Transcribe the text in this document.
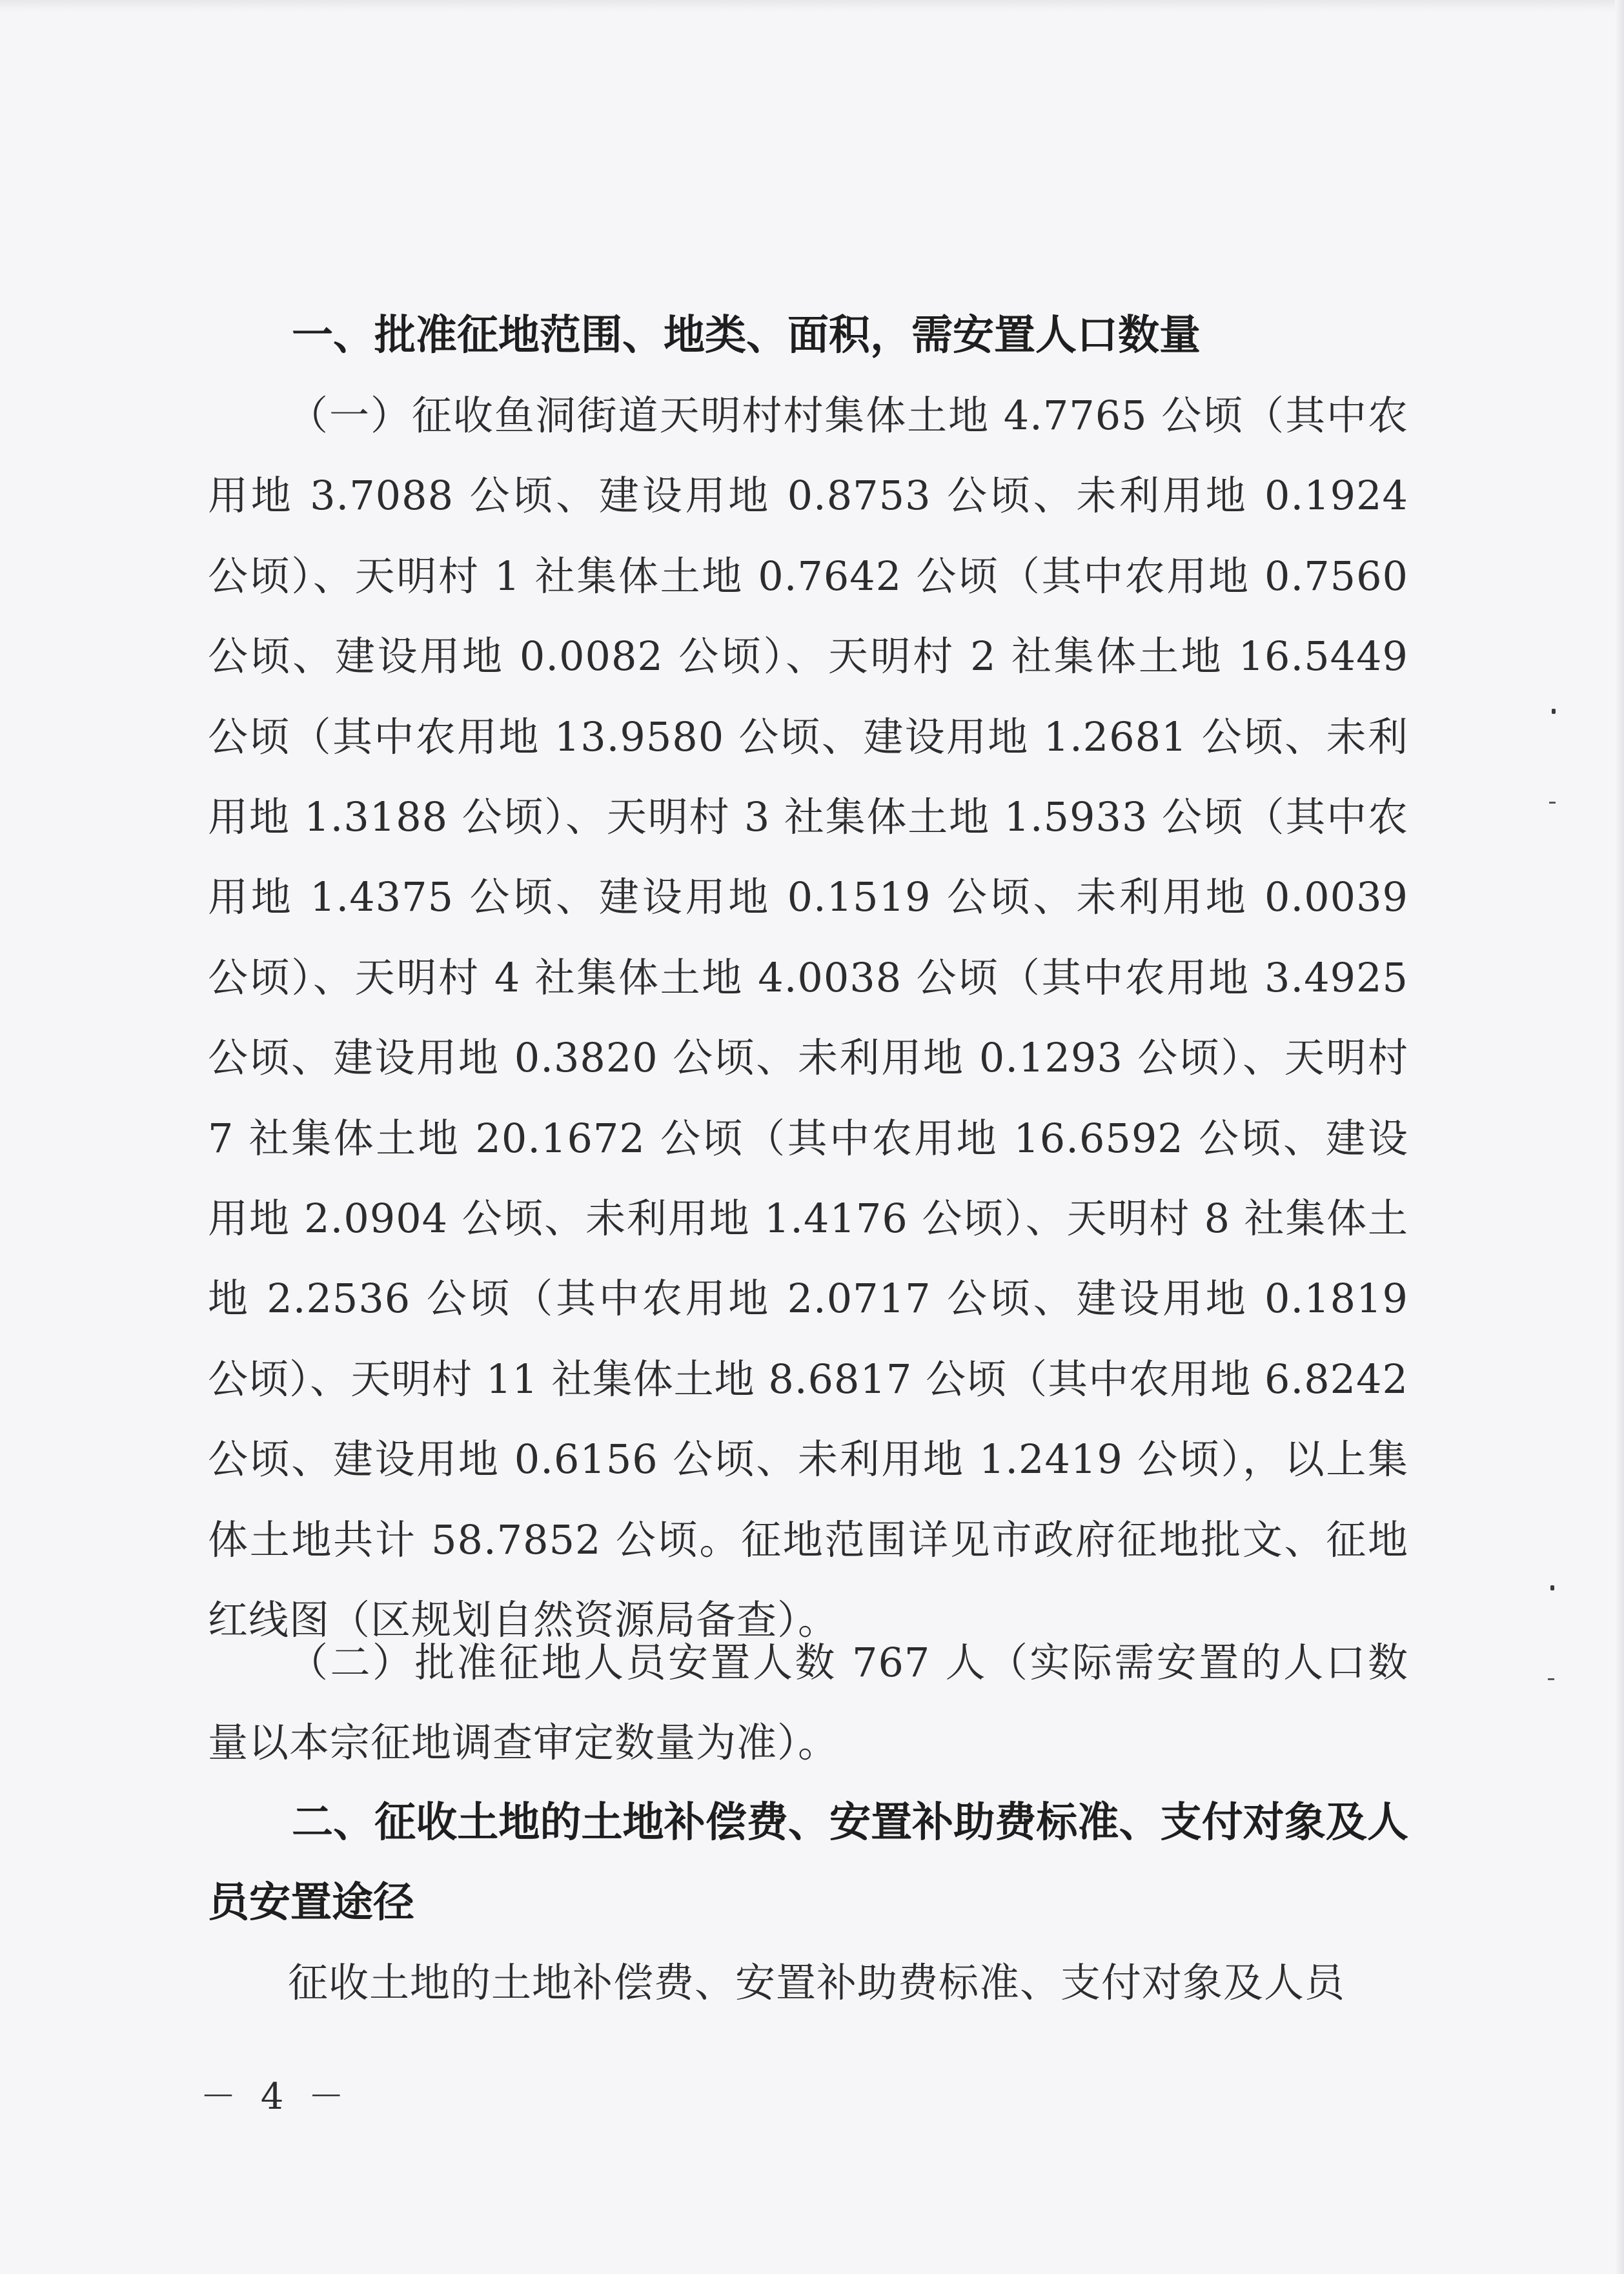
一、批准征地范围、地类、面积，需安置人口数量

（一）征收鱼洞街道天明村村集体土地 4.7765 公顷（其中农用地 3.7088 公顷、建设用地 0.8753 公顷、未利用地 0.1924 公顷）、天明村 1 社集体土地 0.7642 公顷（其中农用地 0.7560 公顷、建设用地 0.0082 公顷）、天明村 2 社集体土地 16.5449 公顷（其中农用地 13.9580 公顷、建设用地 1.2681 公顷、未利用地 1.3188 公顷）、天明村 3 社集体土地 1.5933 公顷（其中农用地 1.4375 公顷、建设用地 0.1519 公顷、未利用地 0.0039 公顷）、天明村 4 社集体土地 4.0038 公顷（其中农用地 3.4925 公顷、建设用地 0.3820 公顷、未利用地 0.1293 公顷）、天明村 7 社集体土地 20.1672 公顷（其中农用地 16.6592 公顷、建设用地 2.0904 公顷、未利用地 1.4176 公顷）、天明村 8 社集体土地 2.2536 公顷（其中农用地 2.0717 公顷、建设用地 0.1819 公顷）、天明村 11 社集体土地 8.6817 公顷（其中农用地 6.8242 公顷、建设用地 0.6156 公顷、未利用地 1.2419 公顷），以上集体土地共计 58.7852 公顷。征地范围详见市政府征地批文、征地红线图（区规划自然资源局备查）。

（二）批准征地人员安置人数 767 人（实际需安置的人口数量以本宗征地调查审定数量为准）。

二、征收土地的土地补偿费、安置补助费标准、支付对象及人员安置途径

征收土地的土地补偿费、安置补助费标准、支付对象及人员

－ 4 －
